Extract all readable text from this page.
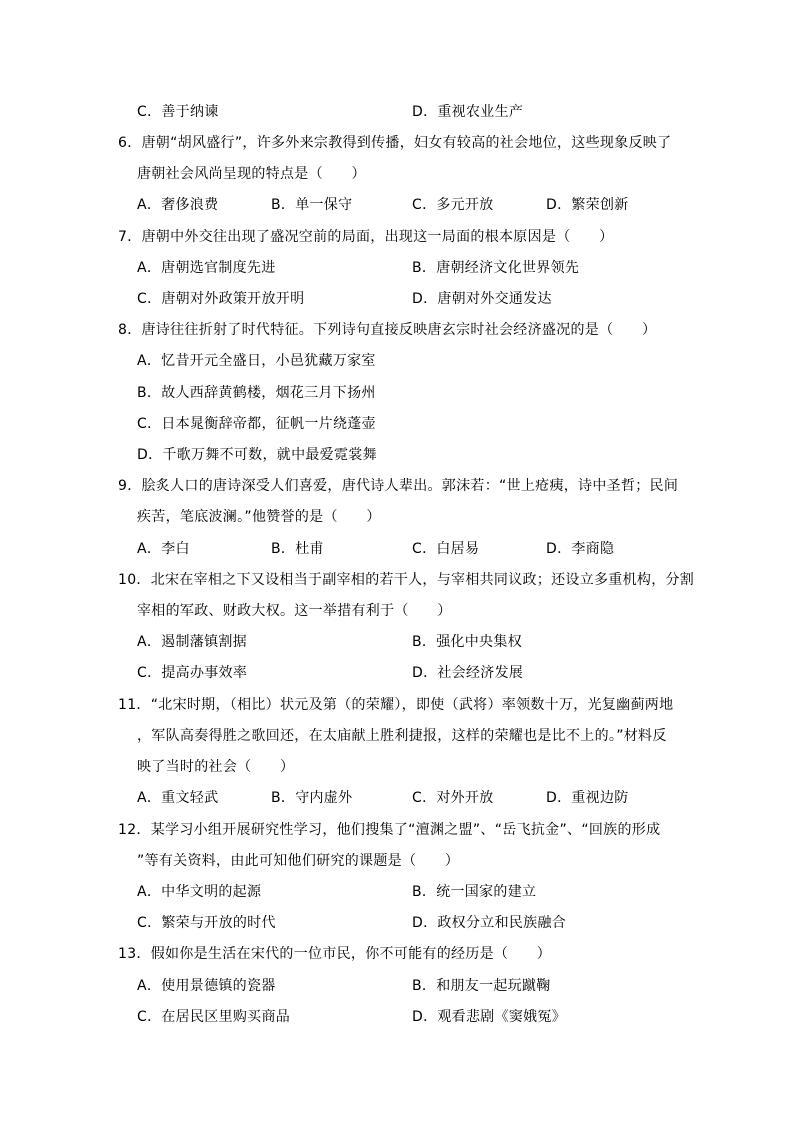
C．善于纳谏	D．重视农业生产
6．唐朝“胡风盛行”，许多外来宗教得到传播，妇女有较高的社会地位，这些现象反映了
唐朝社会风尚呈现的特点是（　　）
A．奢侈浪费	B．单一保守	C．多元开放	D．繁荣创新
7．唐朝中外交往出现了盛况空前的局面，出现这一局面的根本原因是（　　）
A．唐朝选官制度先进	B．唐朝经济文化世界领先
C．唐朝对外政策开放开明	D．唐朝对外交通发达
8．唐诗往往折射了时代特征。下列诗句直接反映唐玄宗时社会经济盛况的是（　　）
A．忆昔开元全盛日，小邑犹藏万家室
B．故人西辞黄鹤楼，烟花三月下扬州
C．日本晁衡辞帝都，征帆一片绕蓬壶
D．千歌万舞不可数，就中最爱霓裳舞
9．脍炙人口的唐诗深受人们喜爱，唐代诗人辈出。郭沫若：“世上疮痍，诗中圣哲；民间
疾苦，笔底波澜。”他赞誉的是（　　）
A．李白	B．杜甫	C．白居易	D．李商隐
10．北宋在宰相之下又设相当于副宰相的若干人，与宰相共同议政；还设立多重机构，分割
宰相的军政、财政大权。这一举措有利于（　　）
A．遏制藩镇割据	B．强化中央集权
C．提高办事效率	D．社会经济发展
11．“北宋时期，（相比）状元及第（的荣耀），即使（武将）率领数十万，光复幽蓟两地
，军队高奏得胜之歌回还，在太庙献上胜利捷报，这样的荣耀也是比不上的。”材料反
映了当时的社会（　　）
A．重文轻武	B．守内虚外	C．对外开放	D．重视边防
12．某学习小组开展研究性学习，他们搜集了“澶渊之盟”、“岳飞抗金”、“回族的形成
”等有关资料，由此可知他们研究的课题是（　　）
A．中华文明的起源	B．统一国家的建立
C．繁荣与开放的时代	D．政权分立和民族融合
13．假如你是生活在宋代的一位市民，你不可能有的经历是（　　）
A．使用景德镇的瓷器	B．和朋友一起玩蹴鞠
C．在居民区里购买商品	D．观看悲剧《窦娥冤》
